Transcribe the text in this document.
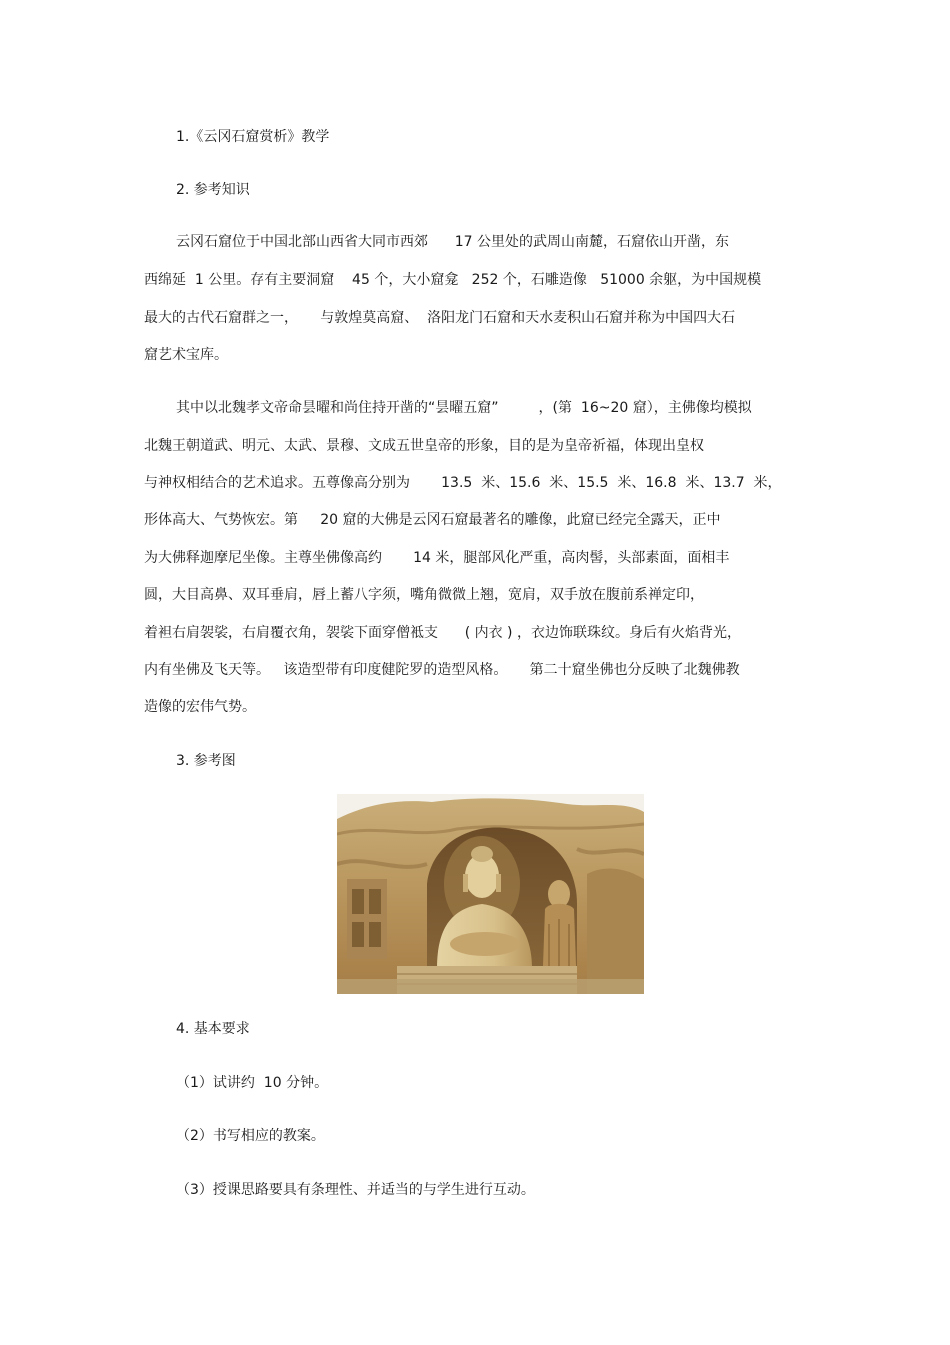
1.《云冈石窟赏析》教学
2. 参考知识
云冈石窟位于中国北部山西省大同市西郊      17 公里处的武周山南麓，石窟依山开凿，东
西绵延  1 公里。存有主要洞窟    45 个，大小窟龛   252 个，石雕造像   51000 余躯，为中国规模
最大的古代石窟群之一，     与敦煌莫高窟、  洛阳龙门石窟和天水麦积山石窟并称为中国四大石
窟艺术宝库。
其中以北魏孝文帝命昙曜和尚住持开凿的“昙曜五窟”         ，(第  16~20 窟），主佛像均模拟
北魏王朝道武、明元、太武、景穆、文成五世皇帝的形象，目的是为皇帝祈福，体现出皇权
与神权相结合的艺术追求。五尊像高分别为       13.5  米、15.6  米、15.5  米、16.8  米、13.7  米，
形体高大、气势恢宏。第     20 窟的大佛是云冈石窟最著名的雕像，此窟已经完全露天，正中
为大佛释迦摩尼坐像。主尊坐佛像高约       14 米，腿部风化严重，高肉髻，头部素面，面相丰
圆，大目高鼻、双耳垂肩，唇上蓄八字须，嘴角微微上翘，宽肩，双手放在腹前系禅定印，
着袒右肩袈裟，右肩覆衣角，袈裟下面穿僧袛支      ( 内衣 ) ，衣边饰联珠纹。身后有火焰背光，
内有坐佛及飞天等。   该造型带有印度健陀罗的造型风格。     第二十窟坐佛也分反映了北魏佛教
造像的宏伟气势。
3. 参考图
4. 基本要求
（1）试讲约  10 分钟。
（2）书写相应的教案。
（3）授课思路要具有条理性、并适当的与学生进行互动。
